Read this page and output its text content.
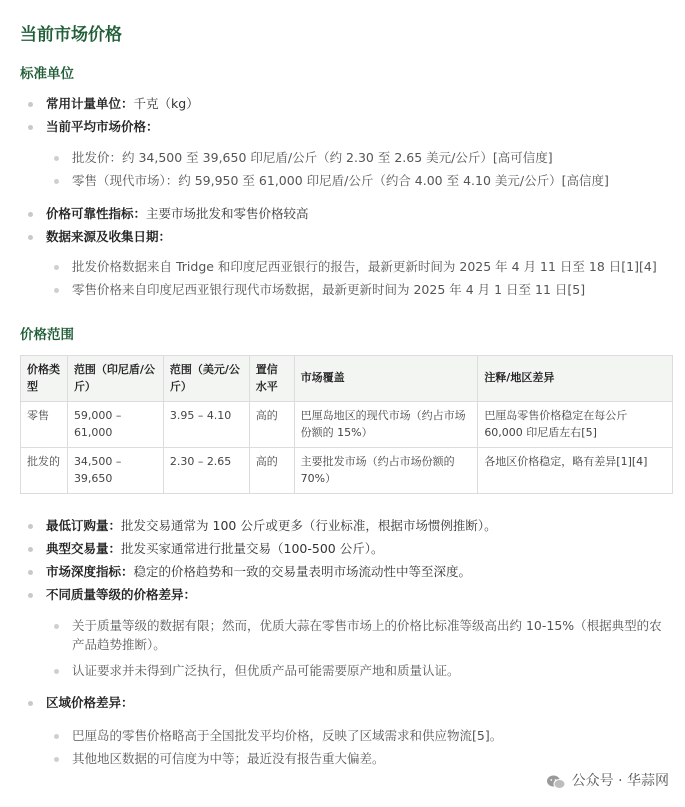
当前市场价格
标准单位
常用计量单位：千克（kg）
当前平均市场价格：
批发价：约 34,500 至 39,650 印尼盾/公斤（约 2.30 至 2.65 美元/公斤）[高可信度]
零售（现代市场）：约 59,950 至 61,000 印尼盾/公斤（约合 4.00 至 4.10 美元/公斤）[高信度]
价格可靠性指标：主要市场批发和零售价格较高
数据来源及收集日期：
批发价格数据来自 Tridge 和印度尼西亚银行的报告，最新更新时间为 2025 年 4 月 11 日至 18 日[1][4]
零售价格来自印度尼西亚银行现代市场数据，最新更新时间为 2025 年 4 月 1 日至 11 日[5]
价格范围
价格类型	范围（印尼盾/公斤）	范围（美元/公斤）	置信水平	市场覆盖	注释/地区差异
零售	59,000 – 61,000	3.95 – 4.10	高的	巴厘岛地区的现代市场（约占市场份额的 15%）	巴厘岛零售价格稳定在每公斤 60,000 印尼盾左右[5]
批发的	34,500 – 39,650	2.30 – 2.65	高的	主要批发市场（约占市场份额的 70%）	各地区价格稳定，略有差异[1][4]
最低订购量：批发交易通常为 100 公斤或更多（行业标准，根据市场惯例推断）。
典型交易量：批发买家通常进行批量交易（100-500 公斤）。
市场深度指标：稳定的价格趋势和一致的交易量表明市场流动性中等至深度。
不同质量等级的价格差异：
关于质量等级的数据有限；然而，优质大蒜在零售市场上的价格比标准等级高出约 10-15%（根据典型的农产品趋势推断）。
认证要求并未得到广泛执行，但优质产品可能需要原产地和质量认证。
区域价格差异：
巴厘岛的零售价格略高于全国批发平均价格，反映了区域需求和供应物流[5]。
其他地区数据的可信度为中等；最近没有报告重大偏差。
公众号 · 华蒜网
